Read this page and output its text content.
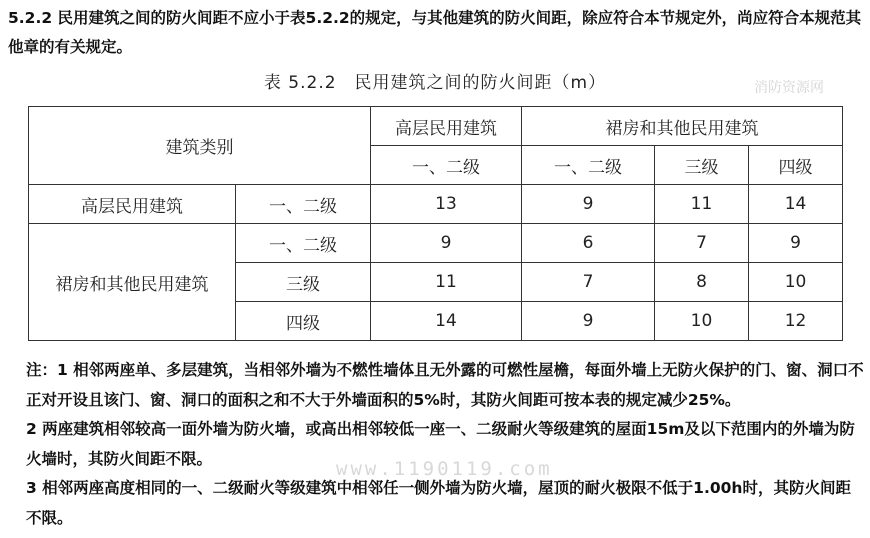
5.2.2 民用建筑之间的防火间距不应小于表5.2.2的规定，与其他建筑的防火间距，除应符合本节规定外，尚应符合本规范其他章的有关规定。
表 5.2.2　民用建筑之间的防火间距（m）	消防资源网
建筑类别		高层民用建筑	裙房和其他民用建筑		
		一、二级	一、二级	三级	四级
高层民用建筑	一、二级	13	9	11	14
裙房和其他民用建筑	一、二级	9	6	7	9
	三级	11	7	8	10
	四级	14	9	10	12

注：1 相邻两座单、多层建筑，当相邻外墙为不燃性墙体且无外露的可燃性屋檐，每面外墙上无防火保护的门、窗、洞口不正对开设且该门、窗、洞口的面积之和不大于外墙面积的5%时，其防火间距可按本表的规定减少25%。

2 两座建筑相邻较高一面外墙为防火墙，或高出相邻较低一座一、二级耐火等级建筑的屋面15m及以下范围内的外墙为防火墙时，其防火间距不限。

3 相邻两座高度相同的一、二级耐火等级建筑中相邻任一侧外墙为防火墙，屋顶的耐火极限不低于1.00h时，其防火间距不限。

www.1190119.com
